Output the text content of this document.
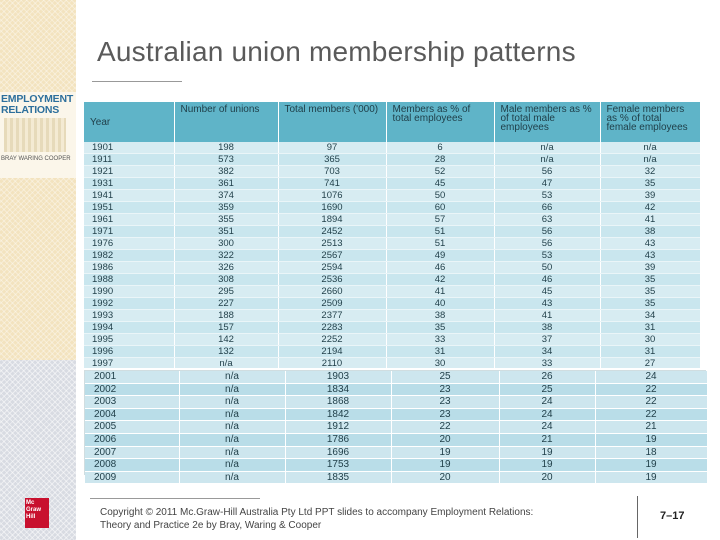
EMPLOYMENT
RELATIONS
BRAY WARING COOPER
Australian union membership patterns
Year	Number of unions	Total members ('000)	Members as % of total employees	Male members as % of total male employees	Female members as % of total female employees
1901	198	97	6	n/a	n/a
1911	573	365	28	n/a	n/a
1921	382	703	52	56	32
1931	361	741	45	47	35
1941	374	1076	50	53	39
1951	359	1690	60	66	42
1961	355	1894	57	63	41
1971	351	2452	51	56	38
1976	300	2513	51	56	43
1982	322	2567	49	53	43
1986	326	2594	46	50	39
1988	308	2536	42	46	35
1990	295	2660	41	45	35
1992	227	2509	40	43	35
1993	188	2377	38	41	34
1994	157	2283	35	38	31
1995	142	2252	33	37	30
1996	132	2194	31	34	31
1997	n/a	2110	30	33	27

2001	n/a	1903	25	26	24
2002	n/a	1834	23	25	22
2003	n/a	1868	23	24	22
2004	n/a	1842	23	24	22
2005	n/a	1912	22	24	21
2006	n/a	1786	20	21	19
2007	n/a	1696	19	19	18
2008	n/a	1753	19	19	19
2009	n/a	1835	20	20	19
Mc
Graw
Hill	Copyright © 2011 Mc.Graw-Hill Australia Pty Ltd PPT slides to accompany Employment Relations:
Theory and Practice 2e by Bray, Waring & Cooper
7–17
